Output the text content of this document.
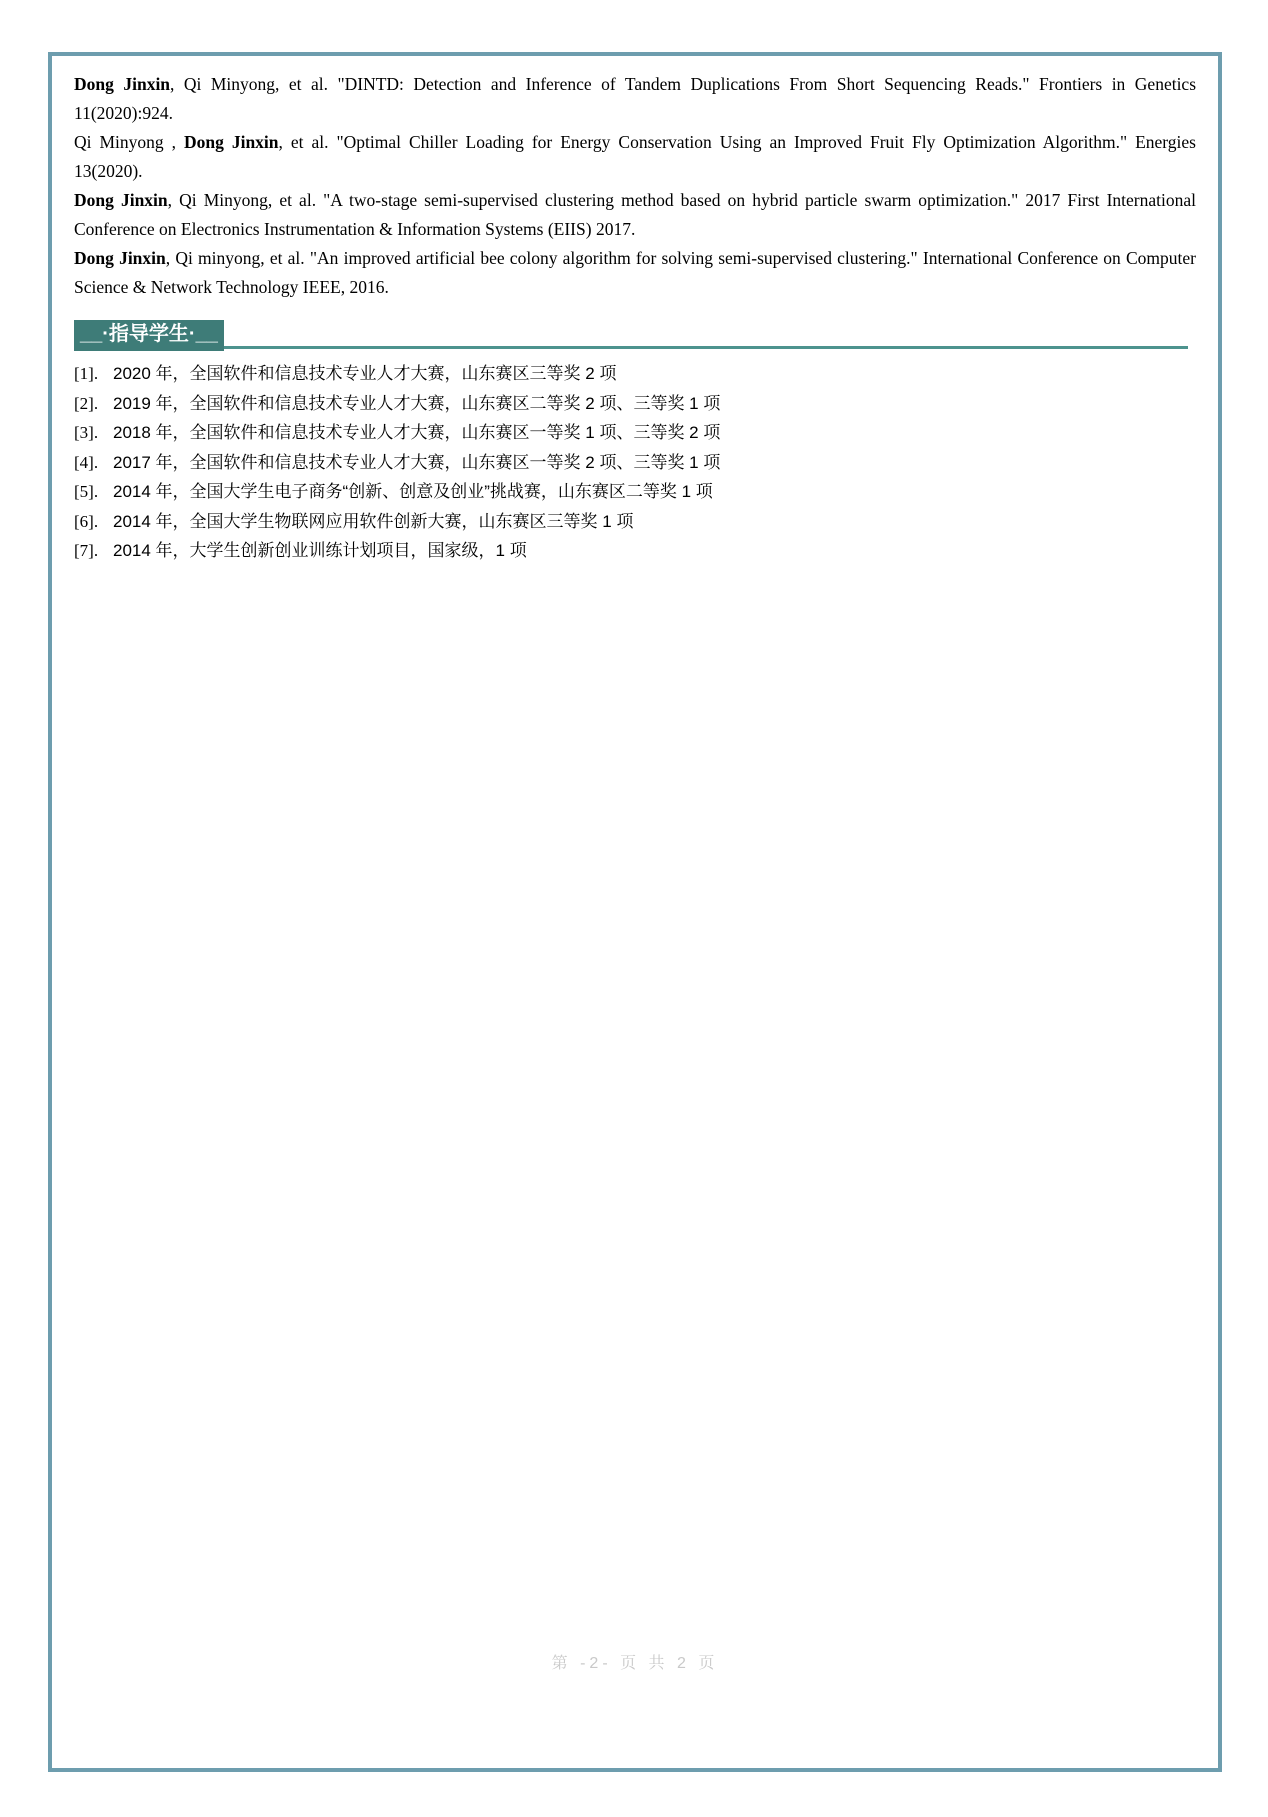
Dong Jinxin, Qi Minyong, et al. "DINTD: Detection and Inference of Tandem Duplications From Short Sequencing Reads." Frontiers in Genetics 11(2020):924.

Qi Minyong , Dong Jinxin, et al. "Optimal Chiller Loading for Energy Conservation Using an Improved Fruit Fly Optimization Algorithm." Energies 13(2020).

Dong Jinxin, Qi Minyong, et al. "A two-stage semi-supervised clustering method based on hybrid particle swarm optimization." 2017 First International Conference on Electronics Instrumentation & Information Systems (EIIS) 2017.

Dong Jinxin, Qi minyong, et al. "An improved artificial bee colony algorithm for solving semi-supervised clustering." International Conference on Computer Science & Network Technology IEEE, 2016.

__·指导学生·__
[1]. 2020 年，全国软件和信息技术专业人才大赛，山东赛区三等奖 2 项
[2]. 2019 年，全国软件和信息技术专业人才大赛，山东赛区二等奖 2 项、三等奖 1 项
[3]. 2018 年，全国软件和信息技术专业人才大赛，山东赛区一等奖 1 项、三等奖 2 项
[4]. 2017 年，全国软件和信息技术专业人才大赛，山东赛区一等奖 2 项、三等奖 1 项
[5]. 2014 年，全国大学生电子商务“创新、创意及创业”挑战赛，山东赛区二等奖 1 项
[6]. 2014 年，全国大学生物联网应用软件创新大赛，山东赛区三等奖 1 项
[7]. 2014 年，大学生创新创业训练计划项目，国家级，1 项
第 -2- 页 共 2 页
